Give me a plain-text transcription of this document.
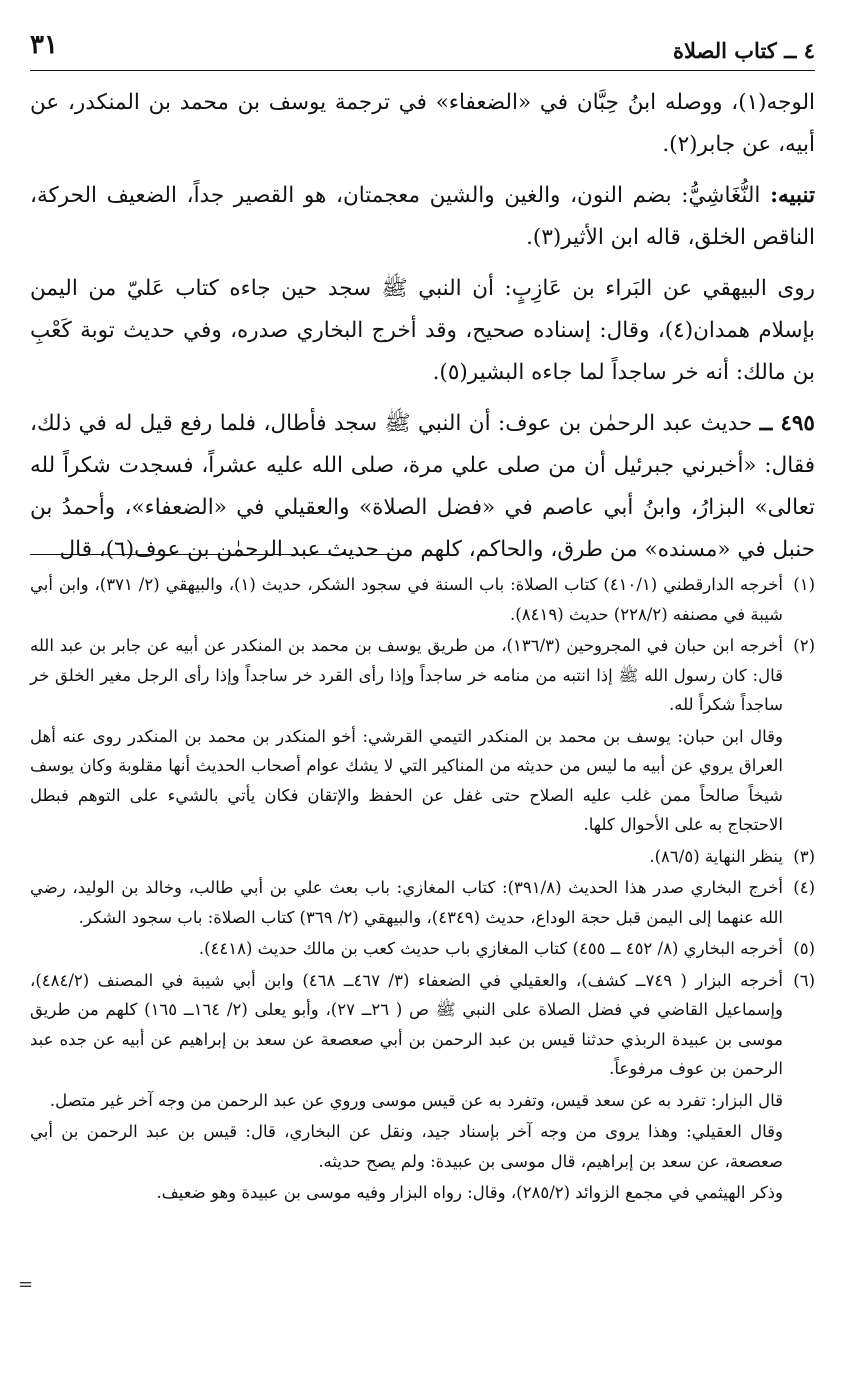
٤ ــ كتاب الصلاة
٣١

الوجه(١)، ووصله ابنُ حِبَّان في «الضعفاء» في ترجمة يوسف بن محمد بن المنكدر، عن أبيه، عن جابر(٢).

تنبيه: النُّغَاشِيُّ: بضم النون، والغين والشين معجمتان، هو القصير جداً، الضعيف الحركة، الناقص الخلق، قاله ابن الأثير(٣).

روى البيهقي عن البَراء بن عَازِبٍ: أن النبي ﷺ سجد حين جاءه كتاب عَليّ من اليمن بإسلام همدان(٤)، وقال: إسناده صحيح، وقد أخرج البخاري صدره، وفي حديث توبة كَعْبِ بن مالك: أنه خر ساجداً لما جاءه البشير(٥).

٤٩٥ ــ حديث عبد الرحمٰن بن عوف: أن النبي ﷺ سجد فأطال، فلما رفع قيل له في ذلك، فقال: «أخبرني جبرئيل أن من صلى علي مرة، صلى الله عليه عشراً، فسجدت شكراً لله تعالى» البزارُ، وابنُ أبي عاصم في «فضل الصلاة» والعقيلي في «الضعفاء»، وأحمدُ بن حنبل في «مسنده» من طرق، والحاكم، كلهم من حديث عبد الرحمٰن بن عوف(٦)، قال

(١)
أخرجه الدارقطني (٤١٠/١) كتاب الصلاة: باب السنة في سجود الشكر، حديث (١)، والبيهقي (٢/ ٣٧١)، وابن أبي شيبة في مصنفه (٢٢٨/٢) حديث (٨٤١٩).
(٢)
أخرجه ابن حبان في المجروحين (١٣٦/٣)، من طريق يوسف بن محمد بن المنكدر عن أبيه عن جابر بن عبد الله قال: كان رسول الله ﷺ إذا انتبه من منامه خر ساجداً وإذا رأى القرد خر ساجداً وإذا رأى الرجل مغير الخلق خر ساجداً شكراً لله.
وقال ابن حبان: يوسف بن محمد بن المنكدر التيمي القرشي: أخو المنكدر بن محمد بن المنكدر روى عنه أهل العراق يروي عن أبيه ما ليس من حديثه من المناكير التي لا يشك عوام أصحاب الحديث أنها مقلوبة وكان يوسف شيخاً صالحاً ممن غلب عليه الصلاح حتى غفل عن الحفظ والإتقان فكان يأتي بالشيء على التوهم فبطل الاحتجاج به على الأحوال كلها.
(٣)
ينظر النهاية (٨٦/٥).
(٤)
أخرج البخاري صدر هذا الحديث (٣٩١/٨): كتاب المغازي: باب بعث علي بن أبي طالب، وخالد بن الوليد، رضي الله عنهما إلى اليمن قبل حجة الوداع، حديث (٤٣٤٩)، والبيهقي (٢/ ٣٦٩) كتاب الصلاة: باب سجود الشكر.
(٥)
أخرجه البخاري (٨/ ٤٥٢ ــ ٤٥٥) كتاب المغازي باب حديث كعب بن مالك حديث (٤٤١٨).
(٦)
أخرجه البزار ( ٧٤٩ــ كشف)، والعقيلي في الضعفاء (٣/ ٤٦٧ــ ٤٦٨) وابن أبي شيبة في المصنف (٤٨٤/٢)، وإسماعيل القاضي في فضل الصلاة على النبي ﷺ ص ( ٢٦ــ ٢٧)، وأبو يعلى (٢/ ١٦٤ــ ١٦٥) كلهم من طريق موسى بن عبيدة الربذي حدثنا قيس بن عبد الرحمن بن أبي صعصعة عن سعد بن إبراهيم عن أبيه عن جده عبد الرحمن بن عوف مرفوعاً.
قال البزار: تفرد به عن سعد قيس، وتفرد به عن قيس موسى وروي عن عبد الرحمن من وجه آخر غير متصل.
وقال العقيلي: وهذا يروى من وجه آخر بإسناد جيد، ونقل عن البخاري، قال: قيس بن عبد الرحمن بن أبي صعصعة، عن سعد بن إبراهيم، قال موسى بن عبيدة: ولم يصح حديثه.
وذكر الهيثمي في مجمع الزوائد (٢٨٥/٢)، وقال: رواه البزار وفيه موسى بن عبيدة وهو ضعيف.
=
